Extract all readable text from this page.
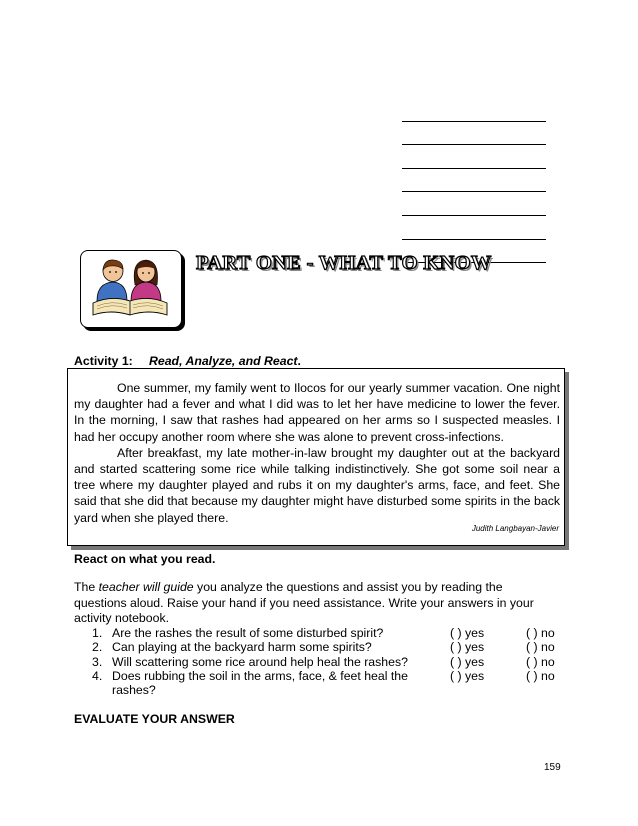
PART ONE - WHAT TO KNOW
Activity 1: Read, Analyze, and React.

One summer, my family went to Ilocos for our yearly summer vacation. One night my daughter had a fever and what I did was to let her have medicine to lower the fever. In the morning, I saw that rashes had appeared on her arms so I suspected measles. I had her occupy another room where she was alone to prevent cross-infections.

After breakfast, my late mother-in-law brought my daughter out at the backyard and started scattering some rice while talking indistinctively. She got some soil near a tree where my daughter played and rubs it on my daughter's arms, face, and feet. She said that she did that because my daughter might have disturbed some spirits in the back yard when she played there.

Judith Langbayan-Javier
React on what you read.

The teacher will guide you analyze the questions and assist you by reading the questions aloud. Raise your hand if you need assistance. Write your answers in your activity notebook.

1. Are the rashes the result of some disturbed spirit?	( ) yes	( ) no
2. Can playing at the backyard harm some spirits?	( ) yes	( ) no
3. Will scattering some rice around help heal the rashes?	( ) yes	( ) no
4. Does rubbing the soil in the arms, face, & feet heal the rashes?
( ) yes	( ) no
EVALUATE YOUR ANSWER
159
